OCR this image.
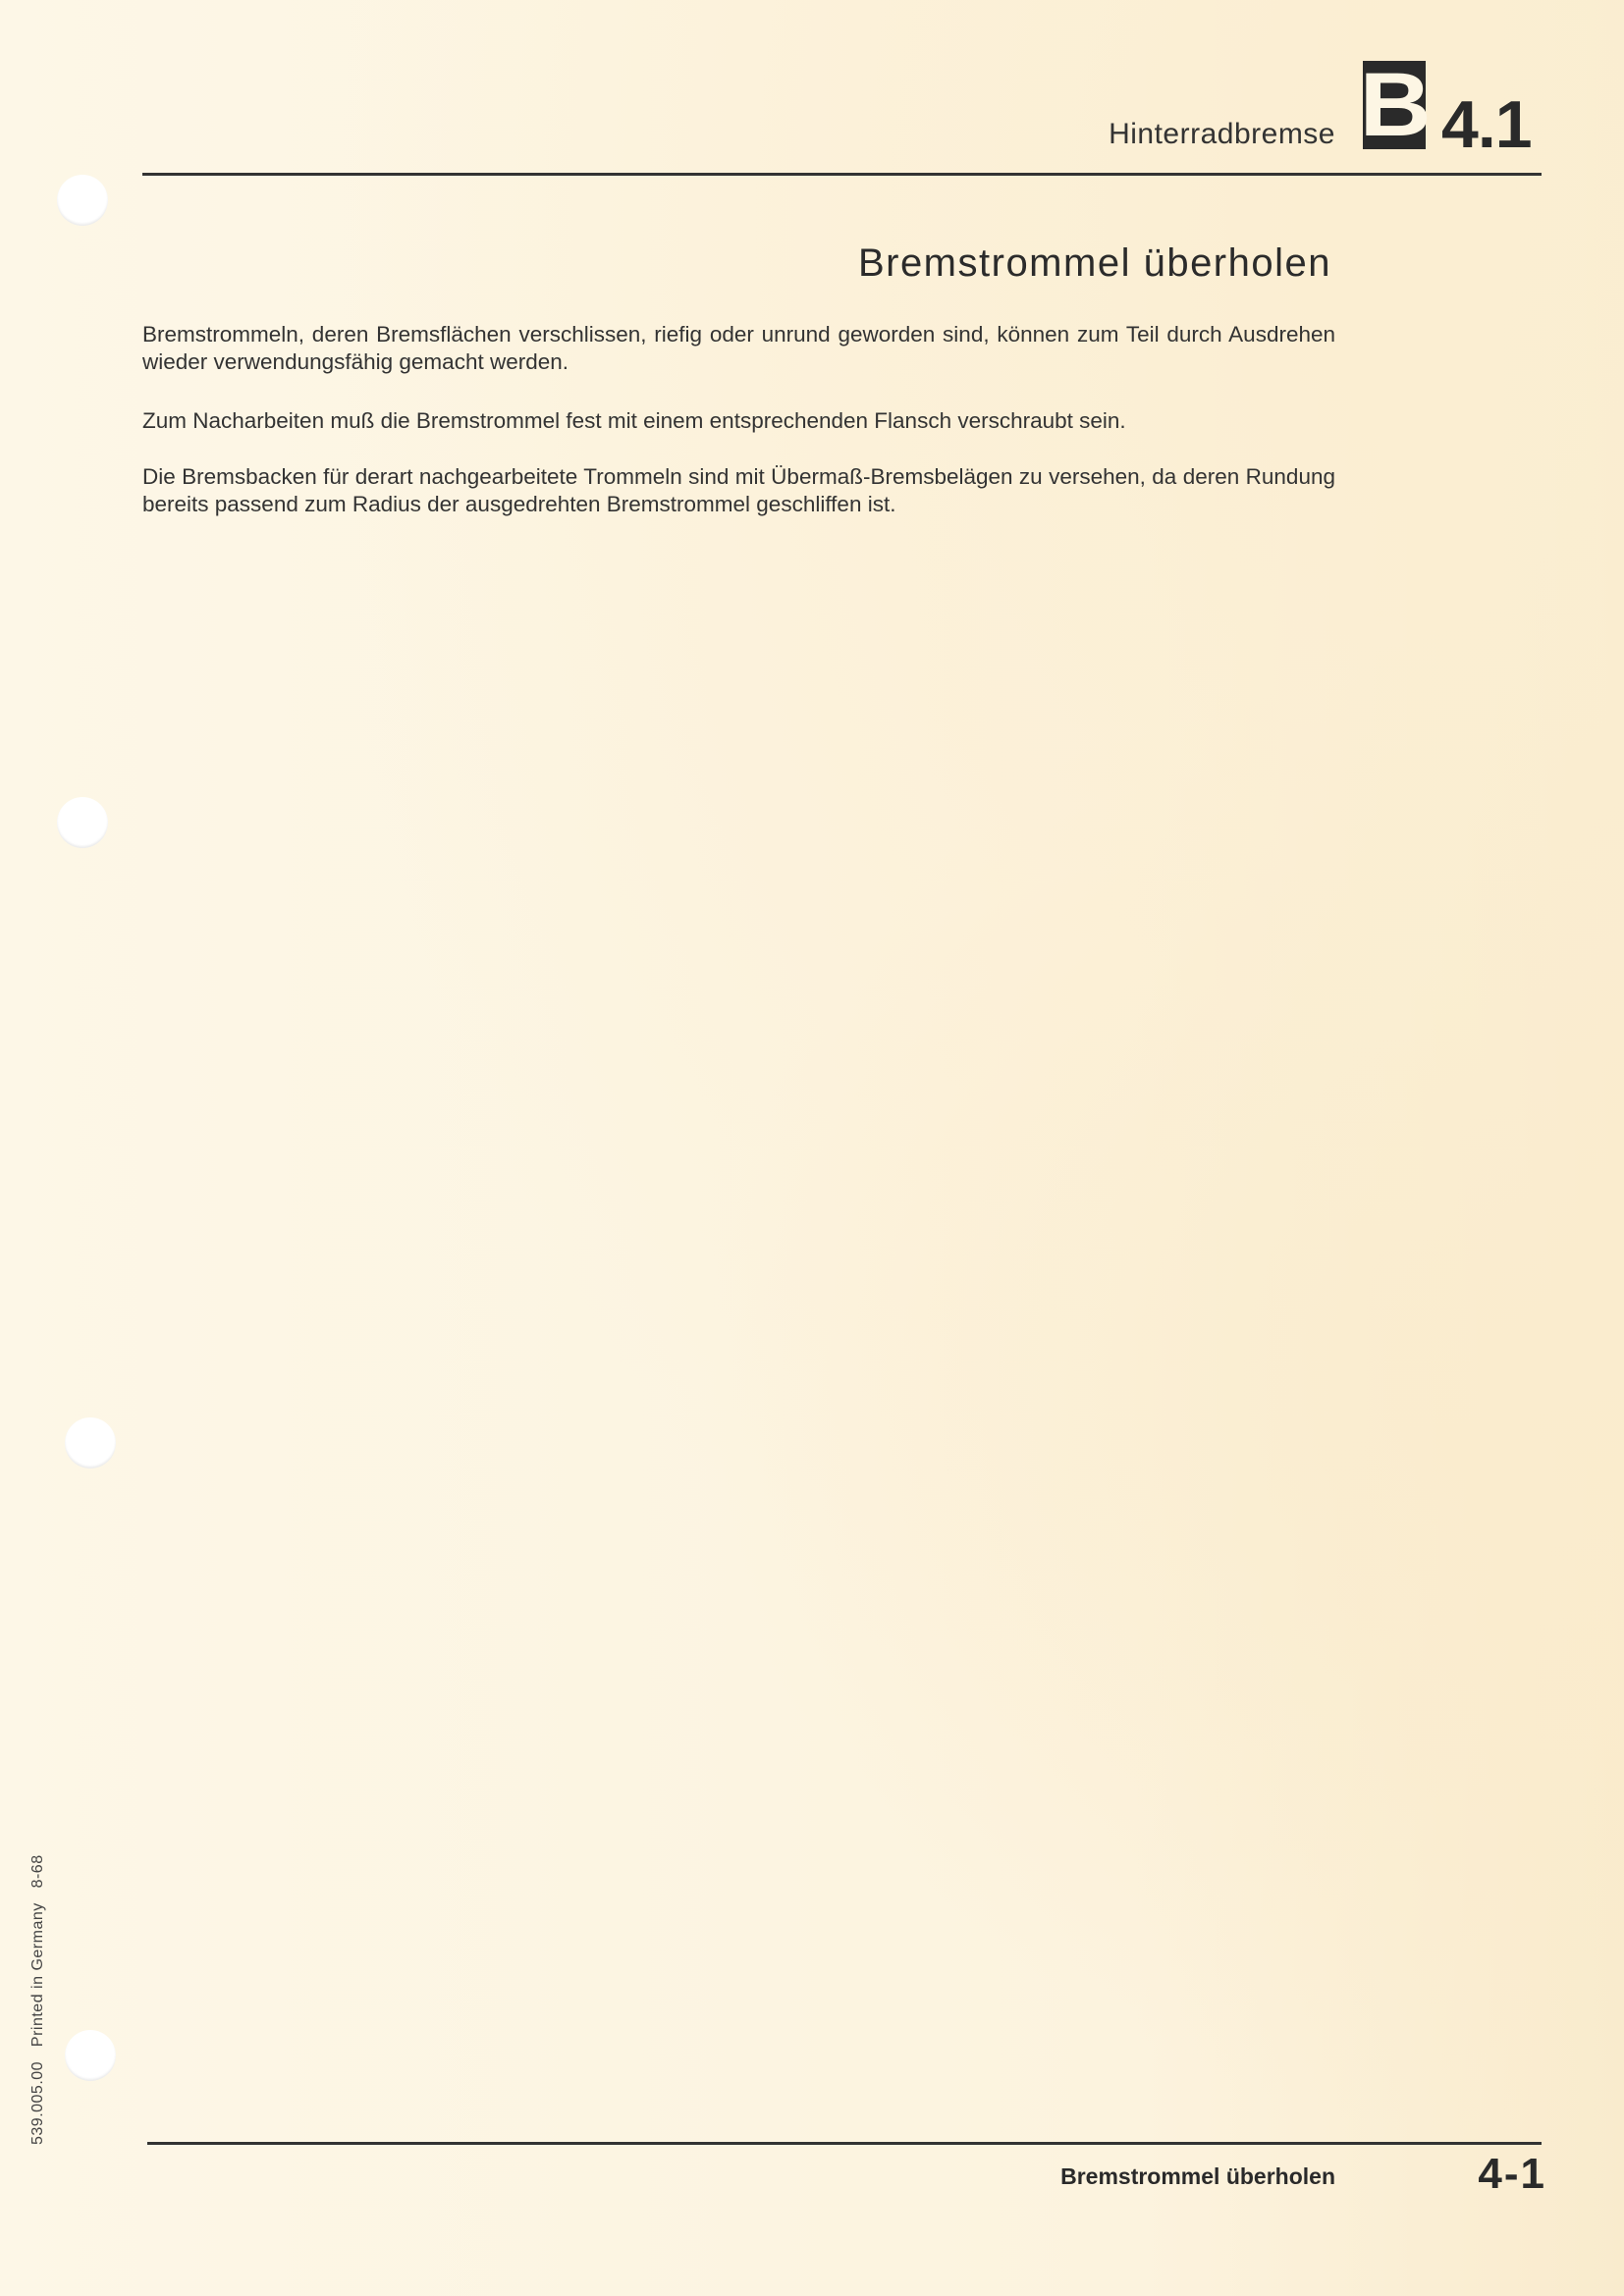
Hinterradbremse B 4.1
Bremstrommel überholen

Bremstrommeln, deren Bremsflächen verschlissen, riefig oder unrund geworden sind, können zum Teil durch Ausdrehen wieder verwendungsfähig gemacht werden.

Zum Nacharbeiten muß die Bremstrommel fest mit einem entsprechenden Flansch verschraubt sein.

Die Bremsbacken für derart nachgearbeitete Trommeln sind mit Übermaß-Bremsbelägen zu versehen, da deren Rundung bereits passend zum Radius der ausgedrehten Bremstrommel geschliffen ist.

539.005.00   Printed in Germany   8-68
Bremstrommel überholen	4-1
